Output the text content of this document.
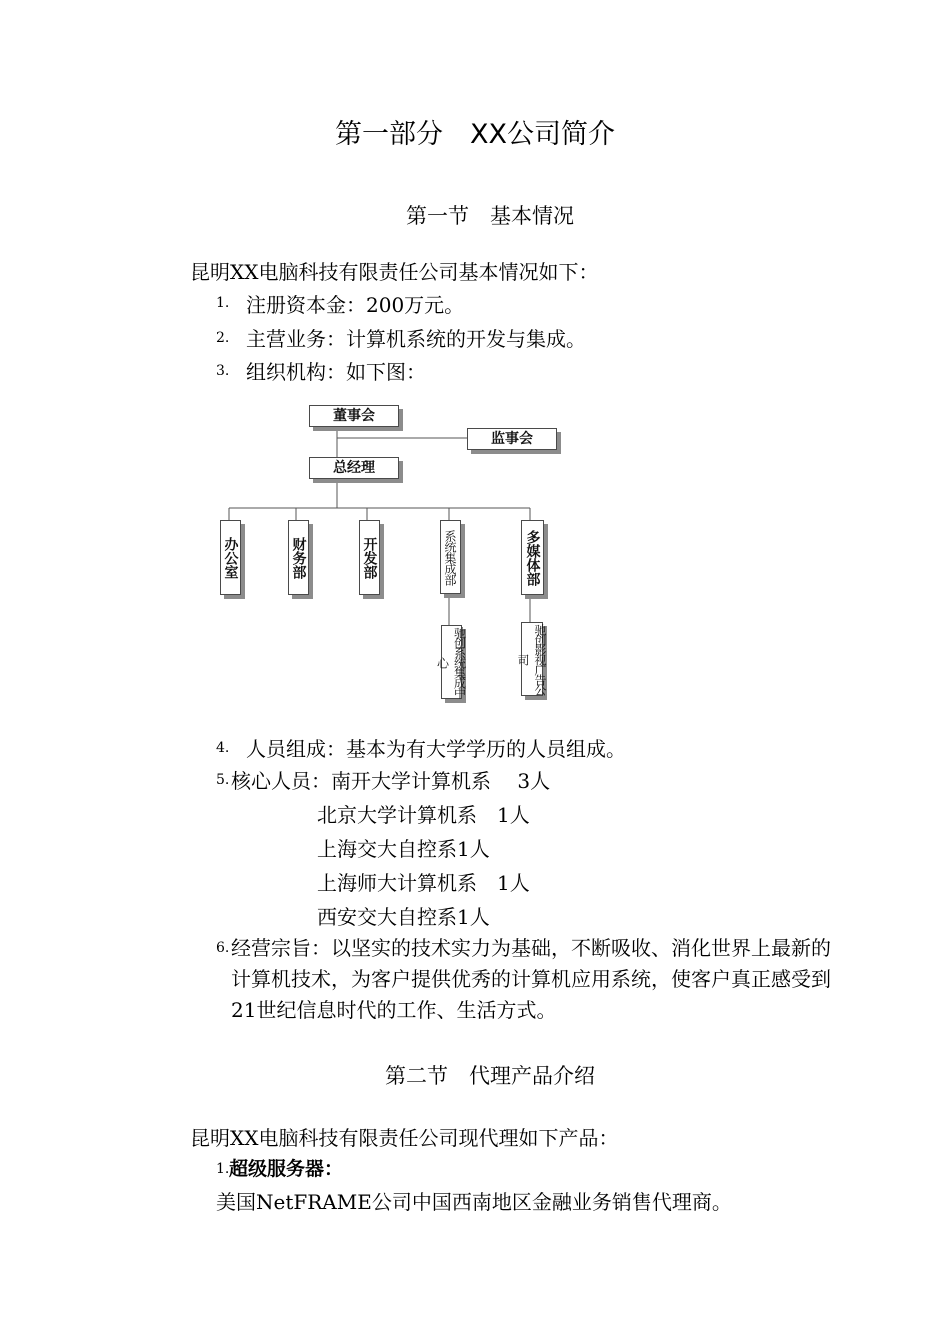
第一部分　XX公司简介
第一节　基本情况
昆明XX电脑科技有限责任公司基本情况如下：
1. 注册资本金：200万元。
2. 主营业务：计算机系统的开发与集成。
3. 组织机构：如下图：
董事会
监事会
总经理
办公室	财务部	开发部	系统集成部	多媒体部
驰创系统集成中心	驰创影视广告公司
4. 人员组成：基本为有大学学历的人员组成。
5. 核心人员：南开大学计算机系　 3人
北京大学计算机系　1人
上海交大自控系1人
上海师大计算机系　1人
西安交大自控系1人
6. 经营宗旨：以坚实的技术实力为基础，不断吸收、消化世界上最新的计算机技术，为客户提供优秀的计算机应用系统，使客户真正感受到21世纪信息时代的工作、生活方式。
第二节　代理产品介绍
昆明XX电脑科技有限责任公司现代理如下产品：
1. 超级服务器：
美国NetFRAME公司中国西南地区金融业务销售代理商。
